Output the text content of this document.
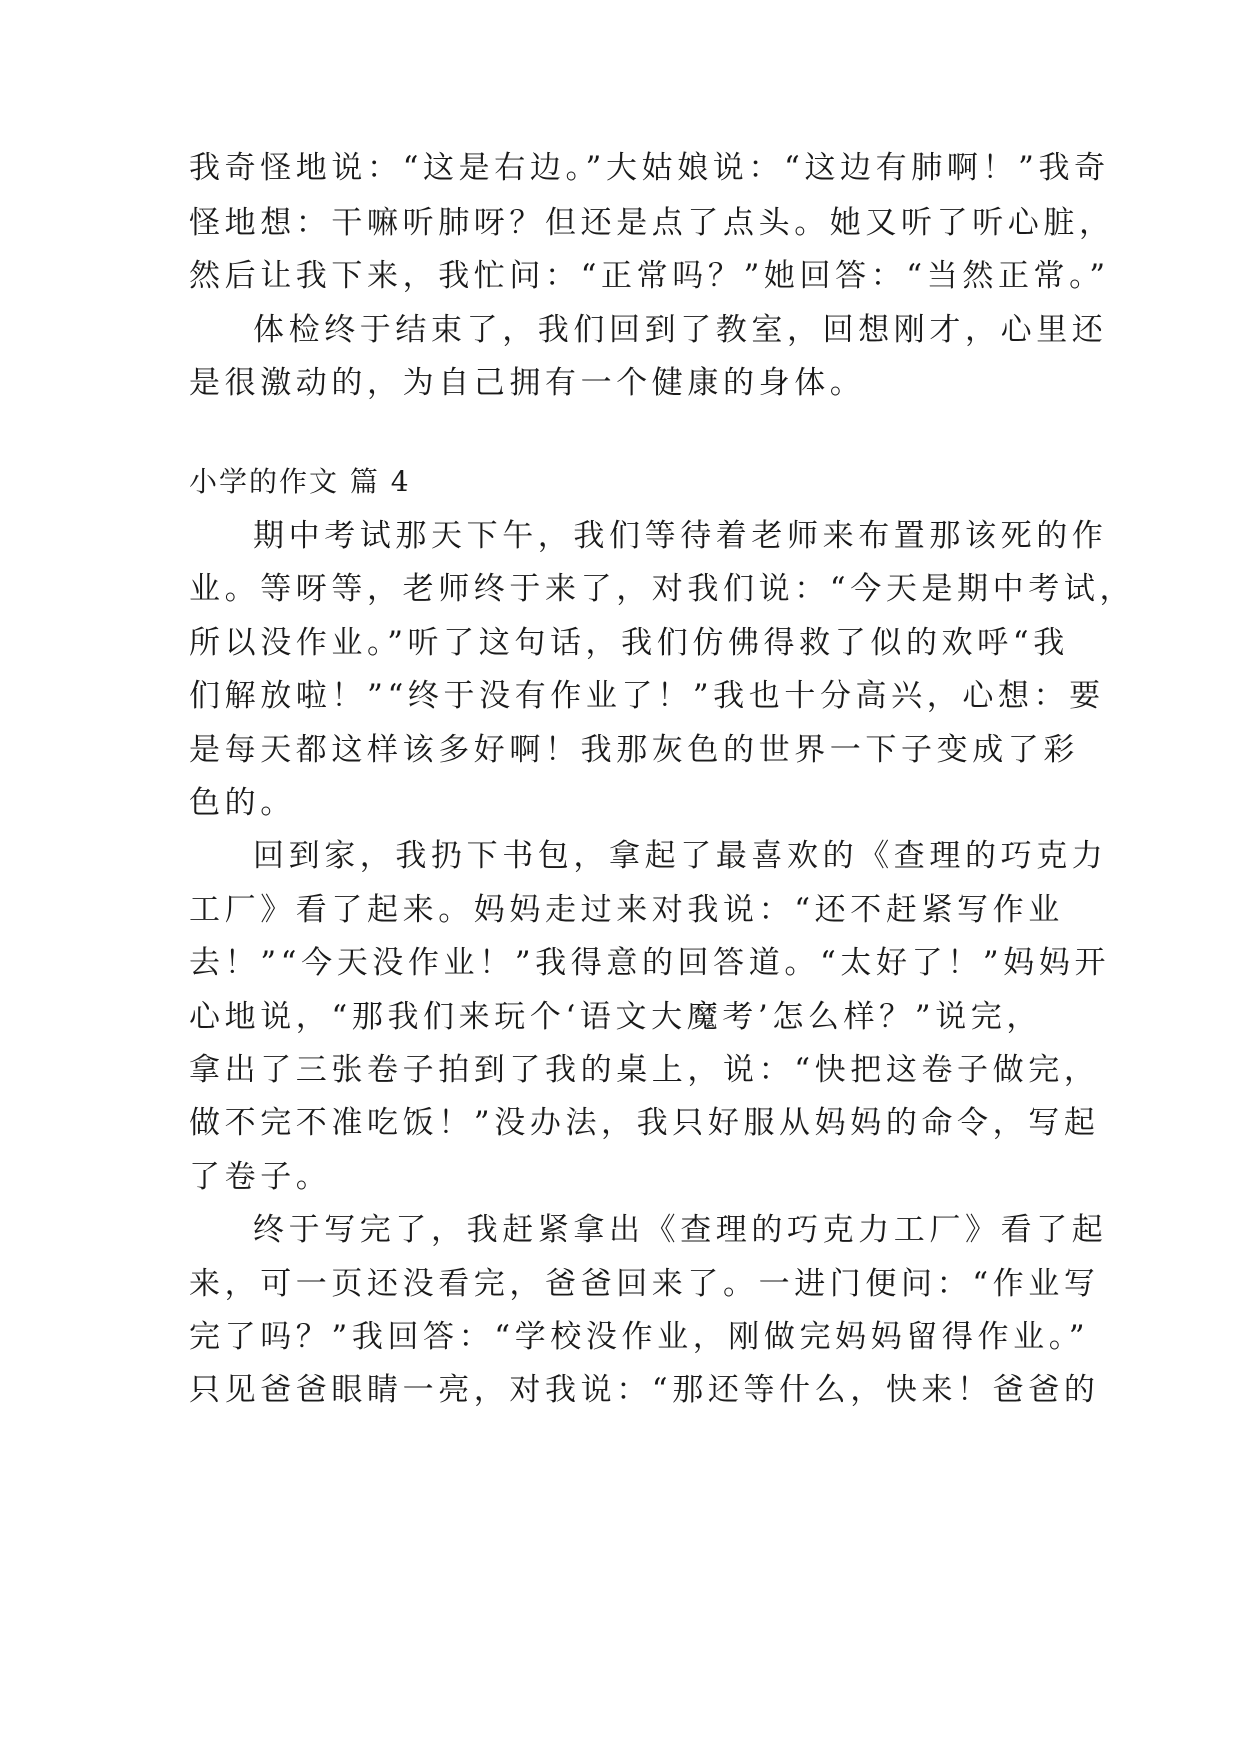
我奇怪地说：“这是右边。”大姑娘说：“这边有肺啊！”我奇
怪地想：干嘛听肺呀？但还是点了点头。她又听了听心脏，
然后让我下来，我忙问：“正常吗？”她回答：“当然正常。”
体检终于结束了，我们回到了教室，回想刚才，心里还
是很激动的，为自己拥有一个健康的身体。
小学的作文 篇 4
期中考试那天下午，我们等待着老师来布置那该死的作
业。等呀等，老师终于来了，对我们说：“今天是期中考试，
所以没作业。”听了这句话，我们仿佛得救了似的欢呼“我
们解放啦！”“终于没有作业了！”我也十分高兴，心想：要
是每天都这样该多好啊！我那灰色的世界一下子变成了彩
色的。
回到家，我扔下书包，拿起了最喜欢的《查理的巧克力
工厂》看了起来。妈妈走过来对我说：“还不赶紧写作业
去！”“今天没作业！”我得意的回答道。“太好了！”妈妈开
心地说，“那我们来玩个‘语文大魔考’怎么样？”说完，
拿出了三张卷子拍到了我的桌上，说：“快把这卷子做完，
做不完不准吃饭！”没办法，我只好服从妈妈的命令，写起
了卷子。
终于写完了，我赶紧拿出《查理的巧克力工厂》看了起
来，可一页还没看完，爸爸回来了。一进门便问：“作业写
完了吗？”我回答：“学校没作业，刚做完妈妈留得作业。”
只见爸爸眼睛一亮，对我说：“那还等什么，快来！爸爸的
